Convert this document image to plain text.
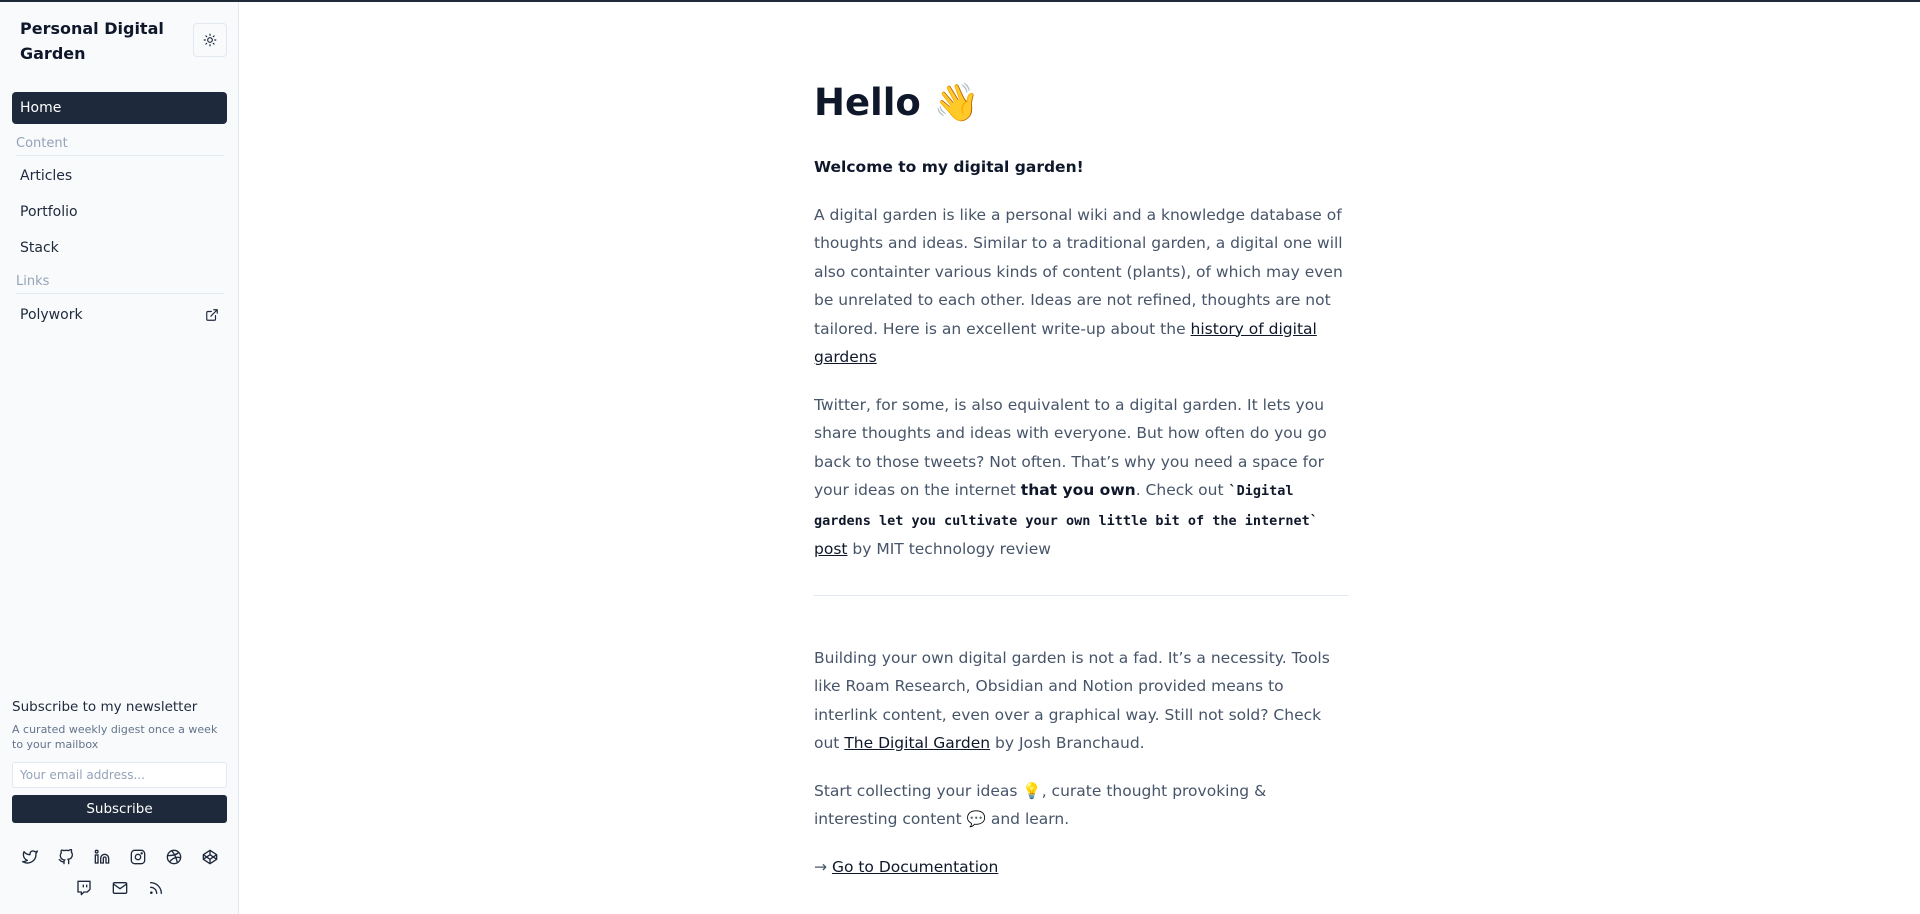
Personal Digital Garden
Home
Content
Articles
Portfolio
Stack
Links
Polywork
Subscribe to my newsletter
A curated weekly digest once a week to your mailbox
Your email address...
Subscribe
Hello 👋

Welcome to my digital garden!

A digital garden is like a personal wiki and a knowledge database of thoughts and ideas. Similar to a traditional garden, a digital one will also containter various kinds of content (plants), of which may even be unrelated to each other. Ideas are not refined, thoughts are not tailored. Here is an excellent write-up about the history of digital gardens

Twitter, for some, is also equivalent to a digital garden. It lets you share thoughts and ideas with everyone. But how often do you go back to those tweets? Not often. That’s why you need a space for your ideas on the internet that you own. Check out `Digital gardens let you cultivate your own little bit of the internet` post by MIT technology review

Building your own digital garden is not a fad. It’s a necessity. Tools like Roam Research, Obsidian and Notion provided means to interlink content, even over a graphical way. Still not sold? Check out The Digital Garden by Josh Branchaud.

Start collecting your ideas 💡, curate thought provoking & interesting content 💬 and learn.

→ Go to Documentation
